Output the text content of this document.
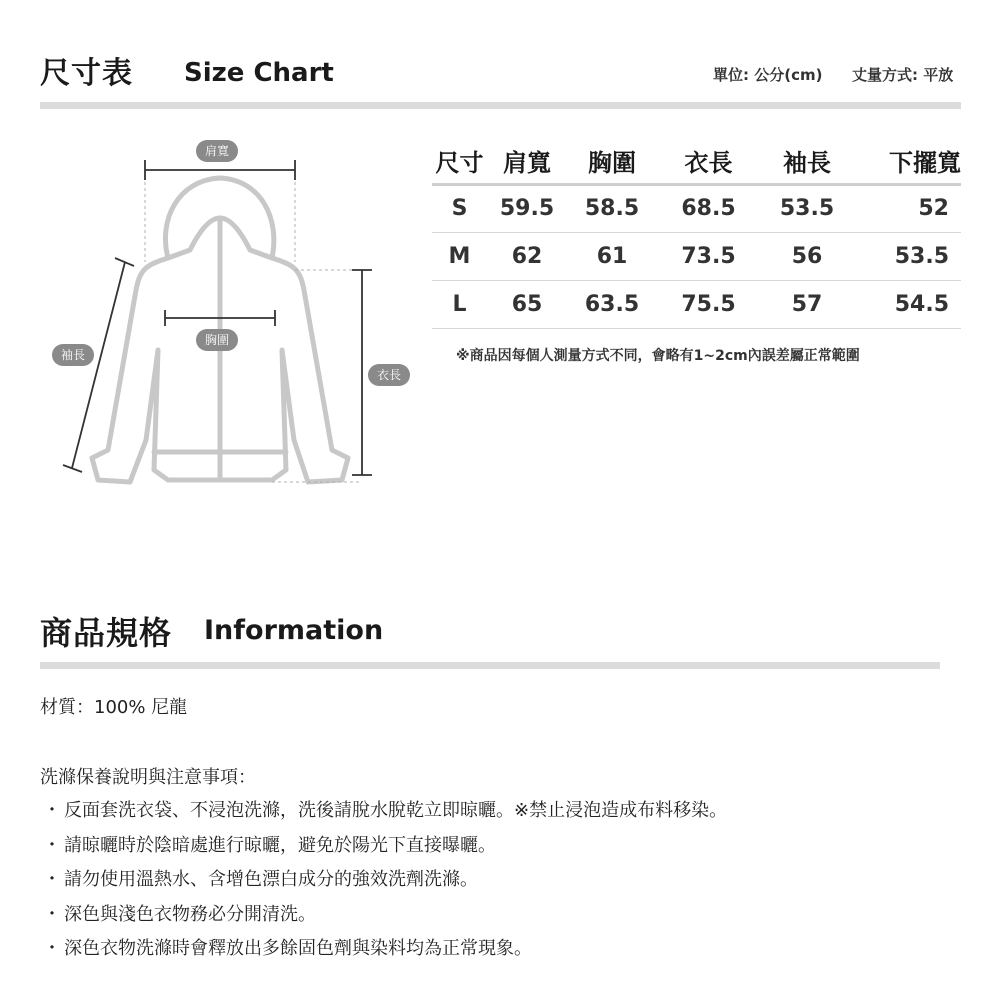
尺寸表 Size Chart	單位: 公分(cm) 丈量方式: 平放
肩寬
胸圍
袖長
衣長
尺寸	肩寬	胸圍	衣長	袖長	下擺寬
S	59.5	58.5	68.5	53.5	52
M	62	61	73.5	56	53.5
L	65	63.5	75.5	57	54.5
※商品因每個人測量方式不同，會略有1~2cm內誤差屬正常範圍
商品規格 Information
材質：100% 尼龍
洗滌保養說明與注意事項：
・ 反面套洗衣袋、不浸泡洗滌，洗後請脫水脫乾立即晾曬。※禁止浸泡造成布料移染。
・ 請晾曬時於陰暗處進行晾曬，避免於陽光下直接曝曬。
・ 請勿使用溫熱水、含增色漂白成分的強效洗劑洗滌。
・ 深色與淺色衣物務必分開清洗。
・ 深色衣物洗滌時會釋放出多餘固色劑與染料均為正常現象。
